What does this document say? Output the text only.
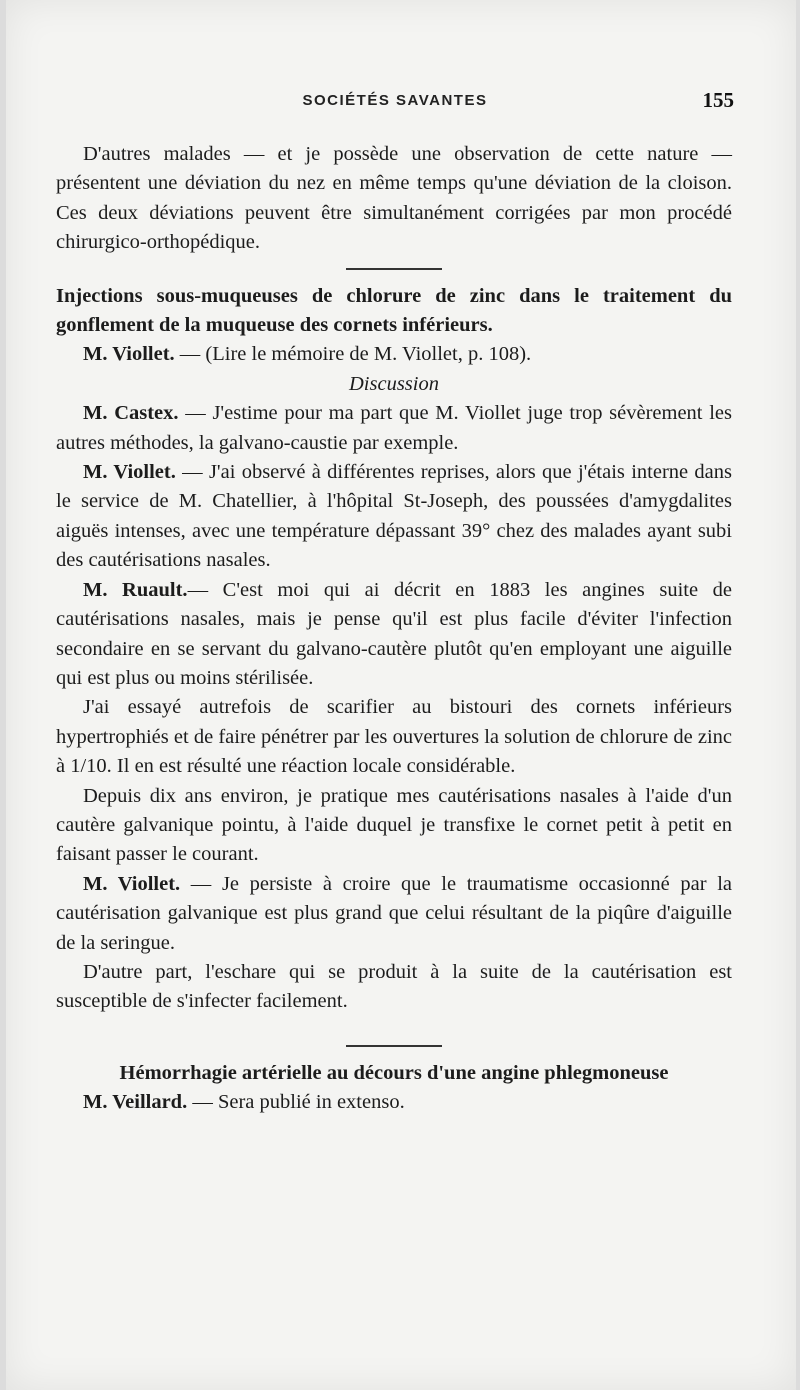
SOCIÉTÉS SAVANTES	155

D'autres malades — et je possède une observation de cette nature — présentent une déviation du nez en même temps qu'une déviation de la cloison. Ces deux déviations peuvent être simultanément corrigées par mon procédé chirurgico-orthopédique.

Injections sous-muqueuses de chlorure de zinc dans le traitement du gonflement de la muqueuse des cornets inférieurs.

M. Viollet. — (Lire le mémoire de M. Viollet, p. 108).

Discussion

M. Castex. — J'estime pour ma part que M. Viollet juge trop sévèrement les autres méthodes, la galvano-caustie par exemple.

M. Viollet. — J'ai observé à différentes reprises, alors que j'étais interne dans le service de M. Chatellier, à l'hôpital St-Joseph, des poussées d'amygdalites aiguës intenses, avec une température dépassant 39° chez des malades ayant subi des cautérisations nasales.

M. Ruault.— C'est moi qui ai décrit en 1883 les angines suite de cautérisations nasales, mais je pense qu'il est plus facile d'éviter l'infection secondaire en se servant du galvano-cautère plutôt qu'en employant une aiguille qui est plus ou moins stérilisée.

J'ai essayé autrefois de scarifier au bistouri des cornets inférieurs hypertrophiés et de faire pénétrer par les ouvertures la solution de chlorure de zinc à 1/10. Il en est résulté une réaction locale considérable.

Depuis dix ans environ, je pratique mes cautérisations nasales à l'aide d'un cautère galvanique pointu, à l'aide duquel je transfixe le cornet petit à petit en faisant passer le courant.

M. Viollet. — Je persiste à croire que le traumatisme occasionné par la cautérisation galvanique est plus grand que celui résultant de la piqûre d'aiguille de la seringue.

D'autre part, l'eschare qui se produit à la suite de la cautérisation est susceptible de s'infecter facilement.

Hémorrhagie artérielle au décours d'une angine phlegmoneuse

M. Veillard. — Sera publié in extenso.
